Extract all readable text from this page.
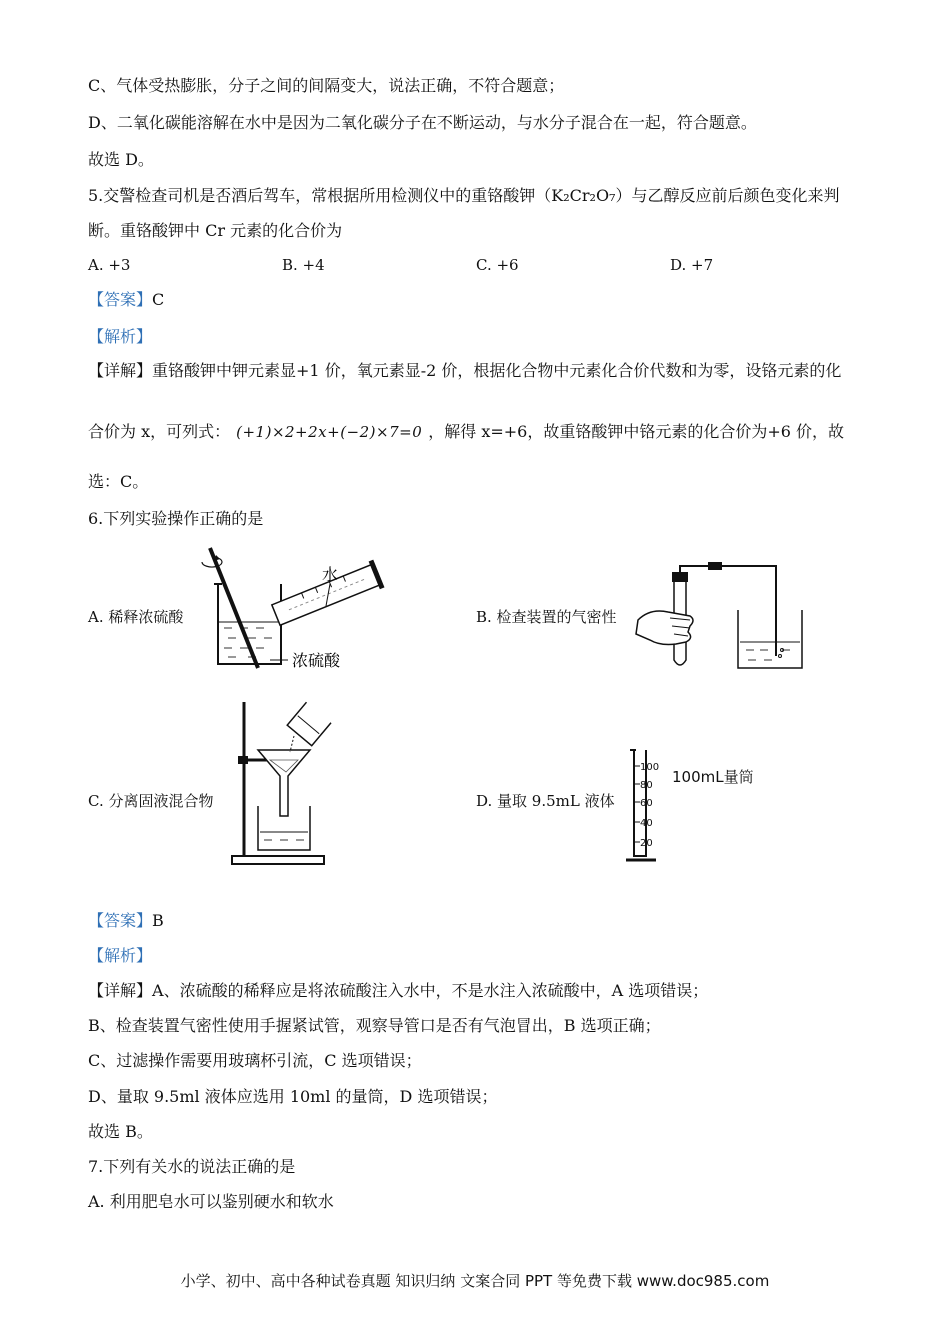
C、气体受热膨胀，分子之间的间隔变大，说法正确，不符合题意；
D、二氧化碳能溶解在水中是因为二氧化碳分子在不断运动，与水分子混合在一起，符合题意。
故选 D。
5.交警检查司机是否酒后驾车，常根据所用检测仪中的重铬酸钾（K₂Cr₂O₇）与乙醇反应前后颜色变化来判
断。重铬酸钾中 Cr 元素的化合价为
A. +3	B. +4	C. +6	D. +7
【答案】C
【解析】
【详解】重铬酸钾中钾元素显+1 价，氧元素显-2 价，根据化合物中元素化合价代数和为零，设铬元素的化
合价为 x，可列式： (+1)×2+2x+(−2)×7=0 ，解得 x=+6，故重铬酸钾中铬元素的化合价为+6 价，故
选：C。
6.下列实验操作正确的是
A. 稀释浓硫酸	B. 检查装置的气密性
C. 分离固液混合物	D. 量取 9.5mL 液体
水
浓硫酸
100
80
60
40
20
100mL量筒
【答案】B
【解析】
【详解】A、浓硫酸的稀释应是将浓硫酸注入水中，不是水注入浓硫酸中，A 选项错误；
B、检查装置气密性使用手握紧试管，观察导管口是否有气泡冒出，B 选项正确；
C、过滤操作需要用玻璃杯引流，C 选项错误；
D、量取 9.5ml 液体应选用 10ml 的量筒，D 选项错误；
故选 B。
7.下列有关水的说法正确的是
A. 利用肥皂水可以鉴别硬水和软水
小学、初中、高中各种试卷真题 知识归纳 文案合同 PPT 等免费下载 www.doc985.com
